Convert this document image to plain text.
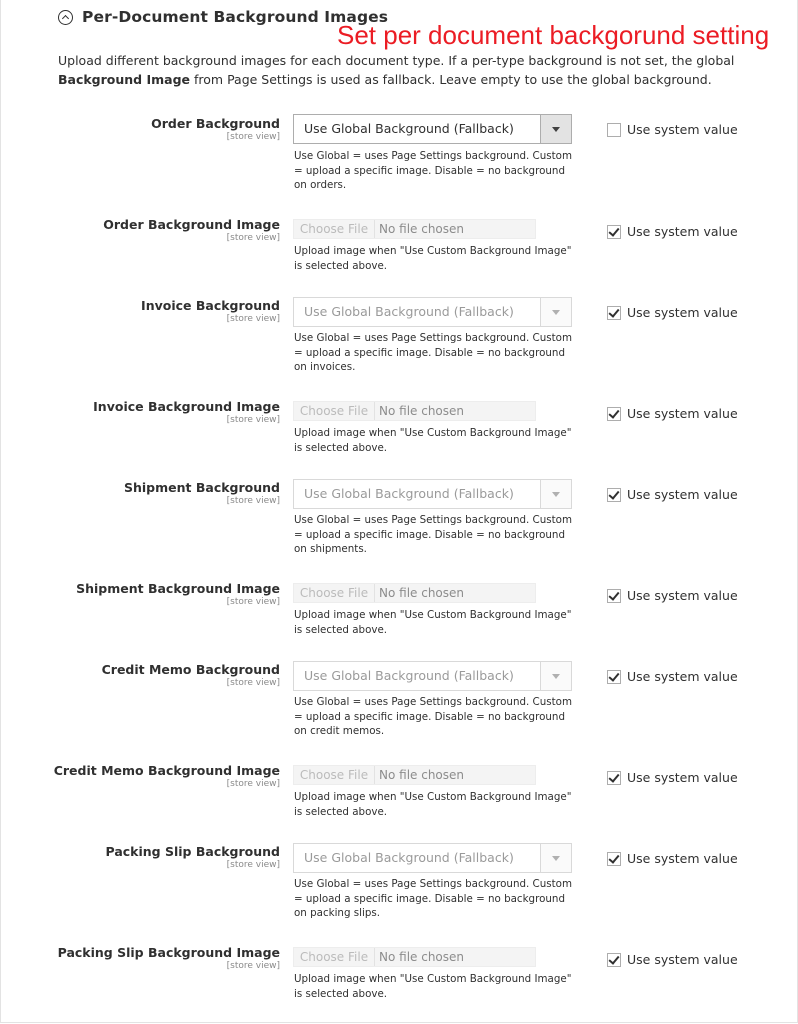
Per-Document Background Images
Set per document backgorund setting
Upload different background images for each document type. If a per-type background is not set, the global Background Image from Page Settings is used as fallback. Leave empty to use the global background.
Order Background
[store view]
Use Global Background (Fallback)
Use Global = uses Page Settings background. Custom = upload a specific image. Disable = no background on orders.
Use system value
Order Background Image
[store view]
Choose File No file chosen
Upload image when "Use Custom Background Image" is selected above.
Use system value
Invoice Background
[store view] Use Global Background (Fallback)
Use Global = uses Page Settings background. Custom = upload a specific image. Disable = no background on invoices.
Use system value
Invoice Background Image
[store view]
Choose File No file chosen
Upload image when "Use Custom Background Image" is selected above.
Use system value
Shipment Background
[store view] Use Global Background (Fallback)
Use Global = uses Page Settings background. Custom = upload a specific image. Disable = no background on shipments.
Use system value
Shipment Background Image
[store view]
Choose File No file chosen
Upload image when "Use Custom Background Image" is selected above.
Use system value
Credit Memo Background
[store view] Use Global Background (Fallback)
Use Global = uses Page Settings background. Custom = upload a specific image. Disable = no background on credit memos.
Use system value
Credit Memo Background Image
[store view]
Choose File No file chosen
Upload image when "Use Custom Background Image" is selected above.
Use system value
Packing Slip Background
[store view] Use Global Background (Fallback)
Use Global = uses Page Settings background. Custom = upload a specific image. Disable = no background on packing slips.
Use system value
Packing Slip Background Image
[store view]
Choose File No file chosen
Upload image when "Use Custom Background Image" is selected above.
Use system value
